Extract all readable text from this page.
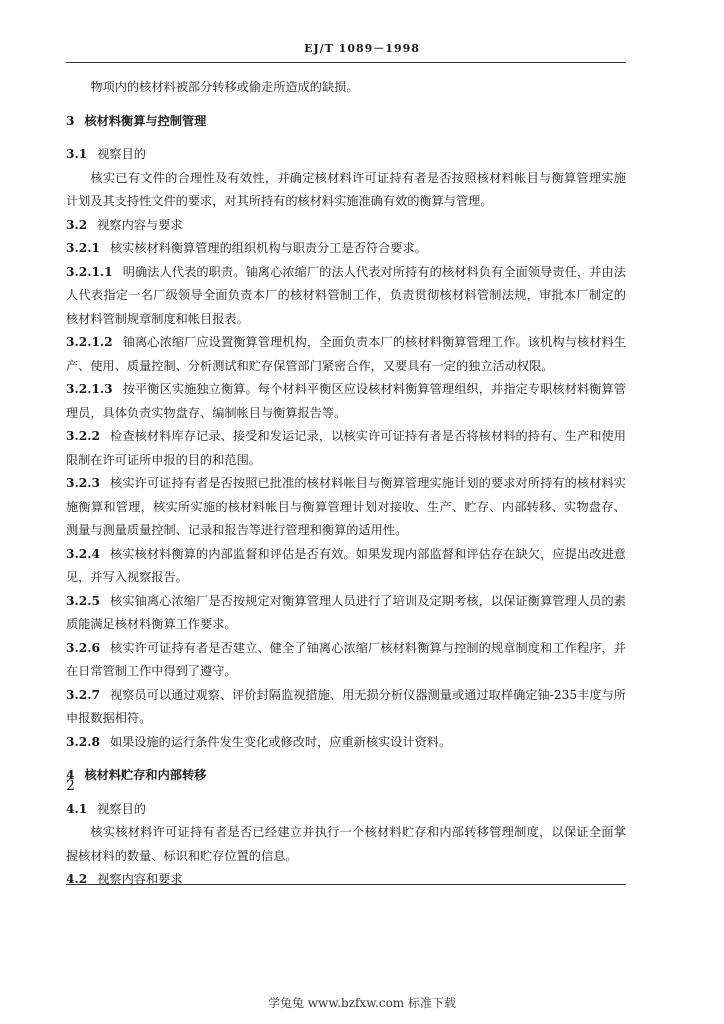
EJ/T 1089－1998

物项内的核材料被部分转移或偷走所造成的缺损。

3 核材料衡算与控制管理

3.1 视察目的

核实已有文件的合理性及有效性，并确定核材料许可证持有者是否按照核材料帐目与衡算管理实施计划及其支持性文件的要求，对其所持有的核材料实施准确有效的衡算与管理。

3.2 视察内容与要求

3.2.1 核实核材料衡算管理的组织机构与职责分工是否符合要求。

3.2.1.1 明确法人代表的职责。铀离心浓缩厂的法人代表对所持有的核材料负有全面领导责任，并由法人代表指定一名厂级领导全面负责本厂的核材料管制工作，负责贯彻核材料管制法规，审批本厂制定的核材料管制规章制度和帐目报表。

3.2.1.2 铀离心浓缩厂应设置衡算管理机构，全面负责本厂的核材料衡算管理工作。该机构与核材料生产、使用、质量控制、分析测试和贮存保管部门紧密合作，又要具有一定的独立活动权限。

3.2.1.3 按平衡区实施独立衡算。每个材料平衡区应设核材料衡算管理组织，并指定专职核材料衡算管理员，具体负责实物盘存、编制帐目与衡算报告等。

3.2.2 检查核材料库存记录、接受和发运记录，以核实许可证持有者是否将核材料的持有、生产和使用限制在许可证所申报的目的和范围。

3.2.3 核实许可证持有者是否按照已批准的核材料帐目与衡算管理实施计划的要求对所持有的核材料实施衡算和管理，核实所实施的核材料帐目与衡算管理计划对接收、生产、贮存、内部转移、实物盘存、测量与测量质量控制、记录和报告等进行管理和衡算的适用性。

3.2.4 核实核材料衡算的内部监督和评估是否有效。如果发现内部监督和评估存在缺欠，应提出改进意见，并写入视察报告。

3.2.5 核实铀离心浓缩厂是否按规定对衡算管理人员进行了培训及定期考核，以保证衡算管理人员的素质能满足核材料衡算工作要求。

3.2.6 核实许可证持有者是否建立、健全了铀离心浓缩厂核材料衡算与控制的规章制度和工作程序，并在日常管制工作中得到了遵守。

3.2.7 视察员可以通过观察、评价封隔监视措施、用无损分析仪器测量或通过取样确定铀-235丰度与所申报数据相符。

3.2.8 如果设施的运行条件发生变化或修改时，应重新核实设计资料。

4 核材料贮存和内部转移

4.1 视察目的

核实核材料许可证持有者是否已经建立并执行一个核材料贮存和内部转移管理制度，以保证全面掌握核材料的数量、标识和贮存位置的信息。

4.2 视察内容和要求

2
学兔兔 www.bzfxw.com 标准下载
